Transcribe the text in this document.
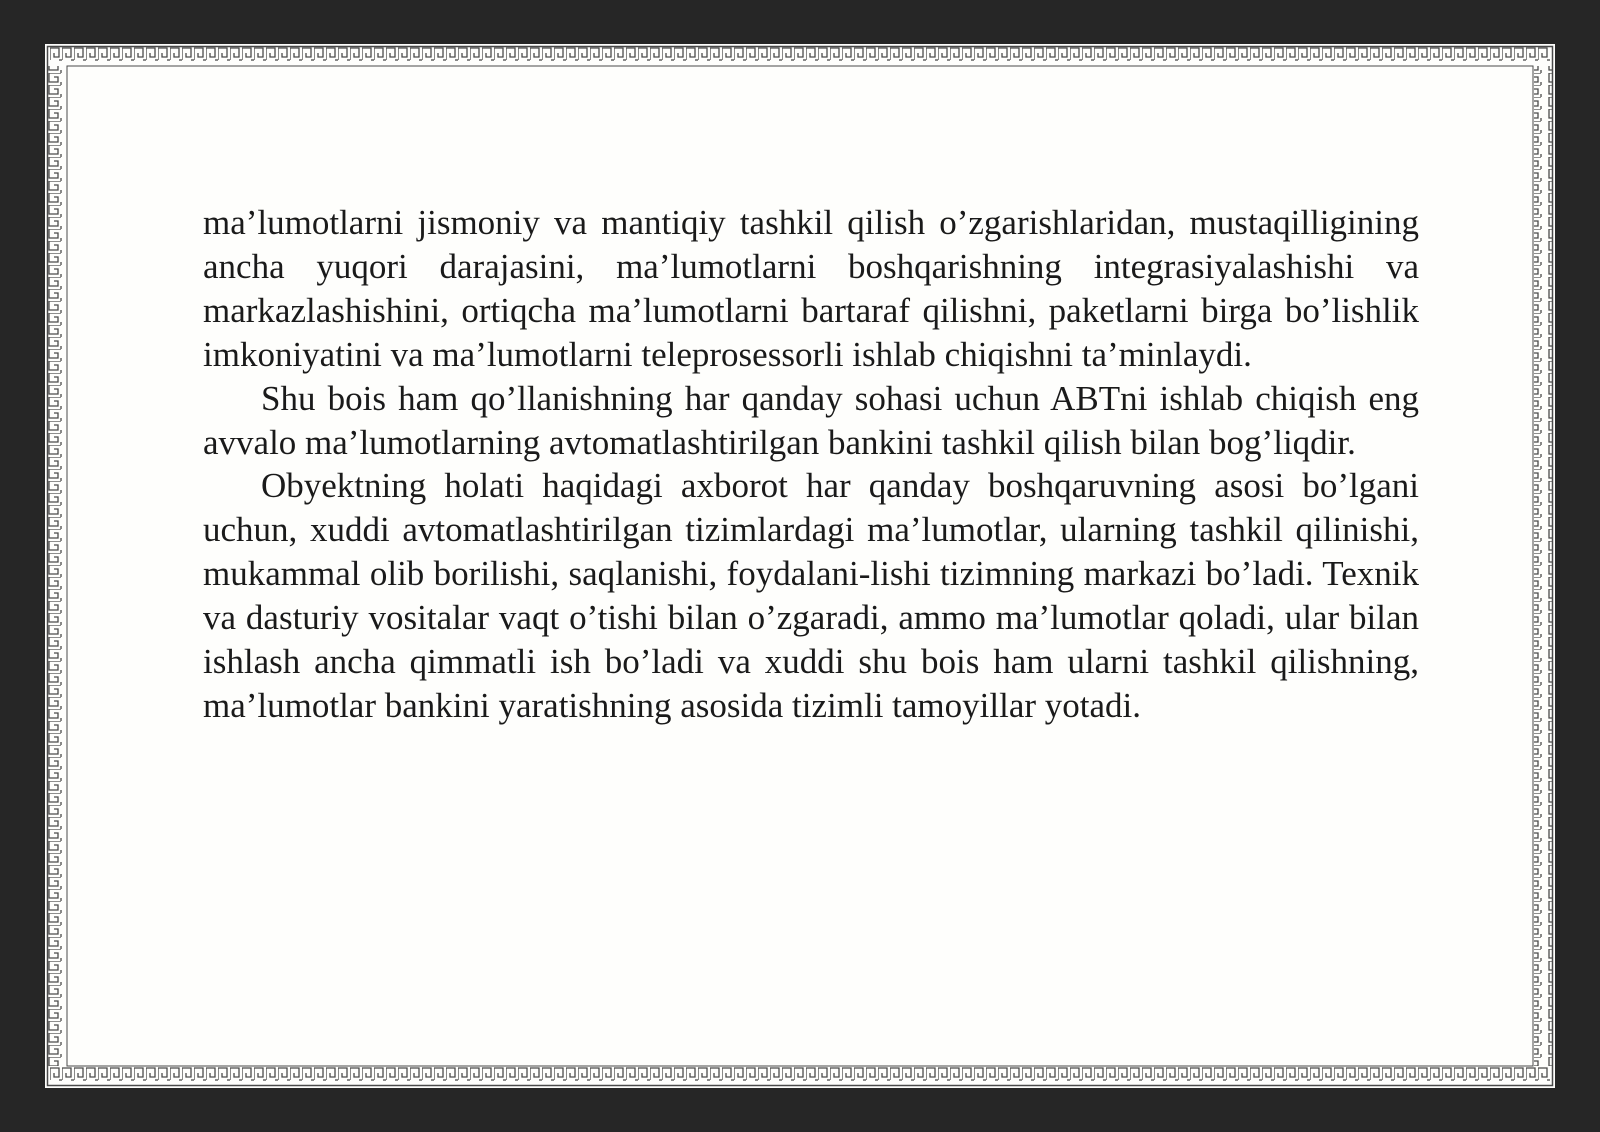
ma’lumotlarni jismoniy va mantiqiy tashkil qilish o’zgarishlaridan, mustaqilligining ancha yuqori darajasini, ma’lumotlarni boshqarishning integrasiyalashishi va markazlashishini, ortiqcha ma’lumotlarni bartaraf qilishni, paketlarni birga bo’lishlik imkoniyatini va ma’lumotlarni teleprosessorli ishlab chiqishni ta’minlaydi.

Shu bois ham qo’llanishning har qanday sohasi uchun ABTni ishlab chiqish eng avvalo ma’lumotlarning avtomatlashtirilgan bankini tashkil qilish bilan bog’liqdir.

Obyektning holati haqidagi axborot har qanday boshqaruvning asosi bo’lgani uchun, xuddi avtomatlashtirilgan tizimlardagi ma’lumotlar, ularning tashkil qilinishi, mukammal olib borilishi, saqlanishi, foydalani-lishi tizimning markazi bo’ladi. Texnik va dasturiy vositalar vaqt o’tishi bilan o’zgaradi, ammo ma’lumotlar qoladi, ular bilan ishlash ancha qimmatli ish bo’ladi va xuddi shu bois ham ularni tashkil qilishning, ma’lumotlar bankini yaratishning asosida tizimli tamoyillar yotadi.
